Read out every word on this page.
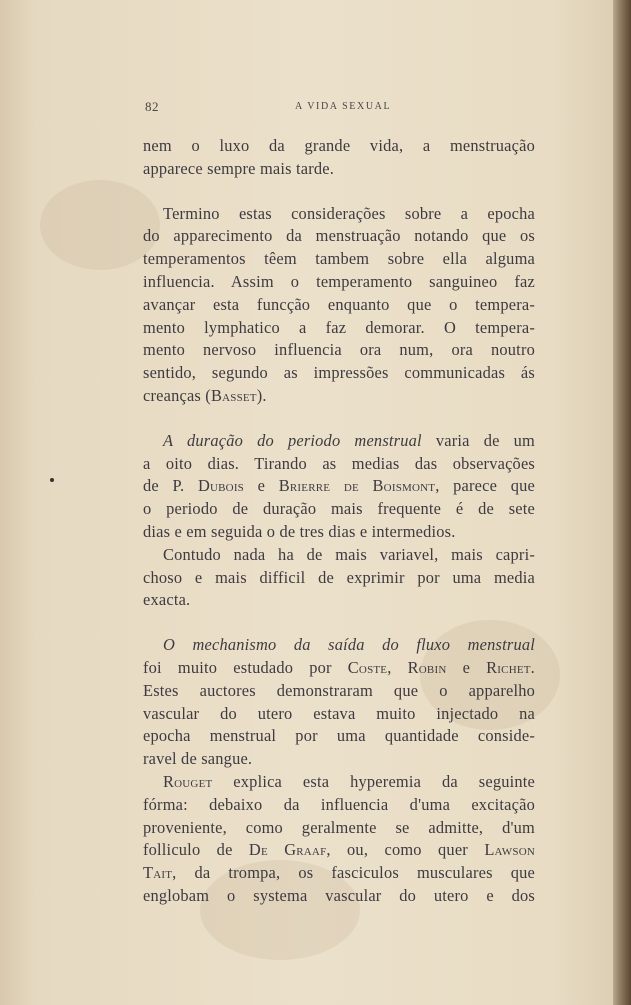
82	A VIDA SEXUAL

nem o luxo da grande vida, a menstruação
apparece sempre mais tarde.

Termino estas considerações sobre a epocha
do apparecimento da menstruação notando que os
temperamentos têem tambem sobre ella alguma
influencia. Assim o temperamento sanguineo faz
avançar esta funcção enquanto que o tempera-
mento lymphatico a faz demorar. O tempera-
mento nervoso influencia ora num, ora noutro
sentido, segundo as impressões communicadas ás
creanças (Basset).

A duração do periodo menstrual varia de um
a oito dias. Tirando as medias das observações
de P. Dubois e Brierre de Boismont, parece que
o periodo de duração mais frequente é de sete
dias e em seguida o de tres dias e intermedios.

Contudo nada ha de mais variavel, mais capri-
choso e mais difficil de exprimir por uma media
exacta.

O mechanismo da saída do fluxo menstrual
foi muito estudado por Coste, Robin e Richet.
Estes auctores demonstraram que o apparelho
vascular do utero estava muito injectado na
epocha menstrual por uma quantidade conside-
ravel de sangue.

Rouget explica esta hyperemia da seguinte
fórma: debaixo da influencia d'uma excitação
proveniente, como geralmente se admitte, d'um
folliculo de De Graaf, ou, como quer Lawson
Tait, da trompa, os fasciculos musculares que
englobam o systema vascular do utero e dos
